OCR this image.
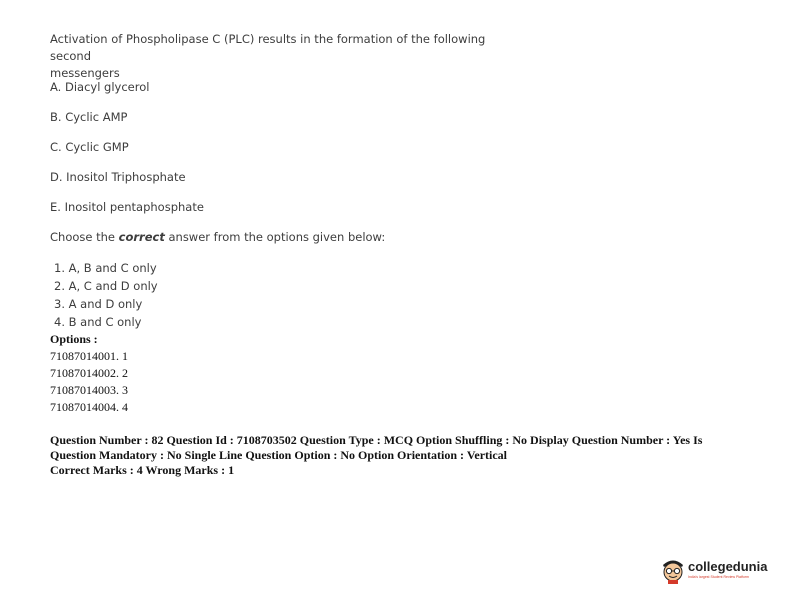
Activation of Phospholipase C (PLC) results in the formation of the following second
messengers
A. Diacyl glycerol
B. Cyclic AMP
C. Cyclic GMP
D. Inositol Triphosphate
E. Inositol pentaphosphate
Choose the correct answer from the options given below:
1. A, B and C only
2. A, C and D only
3. A and D only
4. B and C only
Options :
71087014001. 1
71087014002. 2
71087014003. 3
71087014004. 4
Question Number : 82 Question Id : 7108703502 Question Type : MCQ Option Shuffling : No Display Question Number : Yes Is
Question Mandatory : No Single Line Question Option : No Option Orientation : Vertical
Correct Marks : 4 Wrong Marks : 1
collegedunia
India's largest Student Review Platform
